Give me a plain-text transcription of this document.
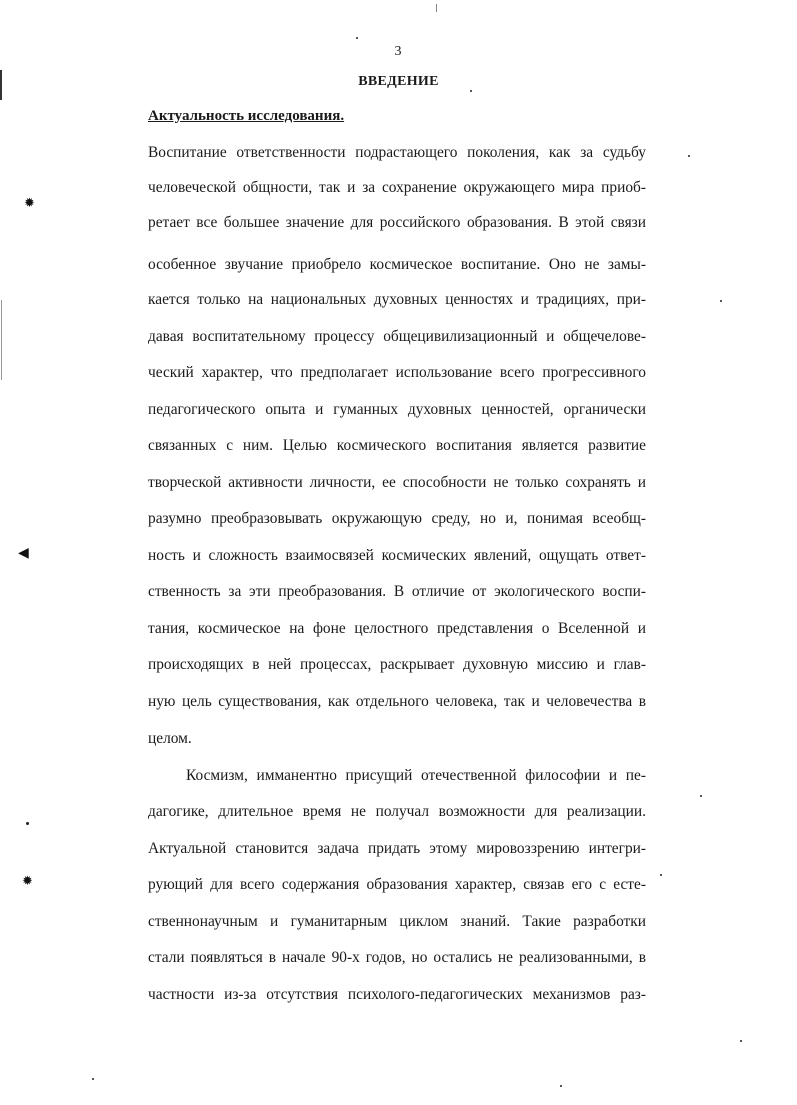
3
ВВЕДЕНИЕ
Актуальность исследования.
Воспитание ответственности подрастающего поколения, как за судьбу
человеческой общности, так и за сохранение окружающего мира приоб-
ретает все большее значение для российского образования. В этой связи
особенное звучание приобрело космическое воспитание. Оно не замы-
кается только на национальных духовных ценностях и традициях, при-
давая воспитательному процессу общецивилизационный и общечелове-
ческий характер, что предполагает использование всего прогрессивного
педагогического опыта и гуманных духовных ценностей, органически
связанных с ним. Целью космического воспитания является развитие
творческой активности личности, ее способности не только сохранять и
разумно преобразовывать окружающую среду, но и, понимая всеобщ-
ность и сложность взаимосвязей космических явлений, ощущать ответ-
ственность за эти преобразования. В отличие от экологического воспи-
тания, космическое на фоне целостного представления о Вселенной и
происходящих в ней процессах, раскрывает духовную миссию и глав-
ную цель существования, как отдельного человека, так и человечества в
целом.
Космизм, имманентно присущий отечественной философии и пе-
дагогике, длительное время не получал возможности для реализации.
Актуальной становится задача придать этому мировоззрению интегри-
рующий для всего содержания образования характер, связав его с есте-
ственнонаучным и гуманитарным циклом знаний. Такие разработки
стали появляться в начале 90-х годов, но остались не реализованными, в
частности из-за отсутствия психолого-педагогических механизмов раз-
✹
◀
✹
